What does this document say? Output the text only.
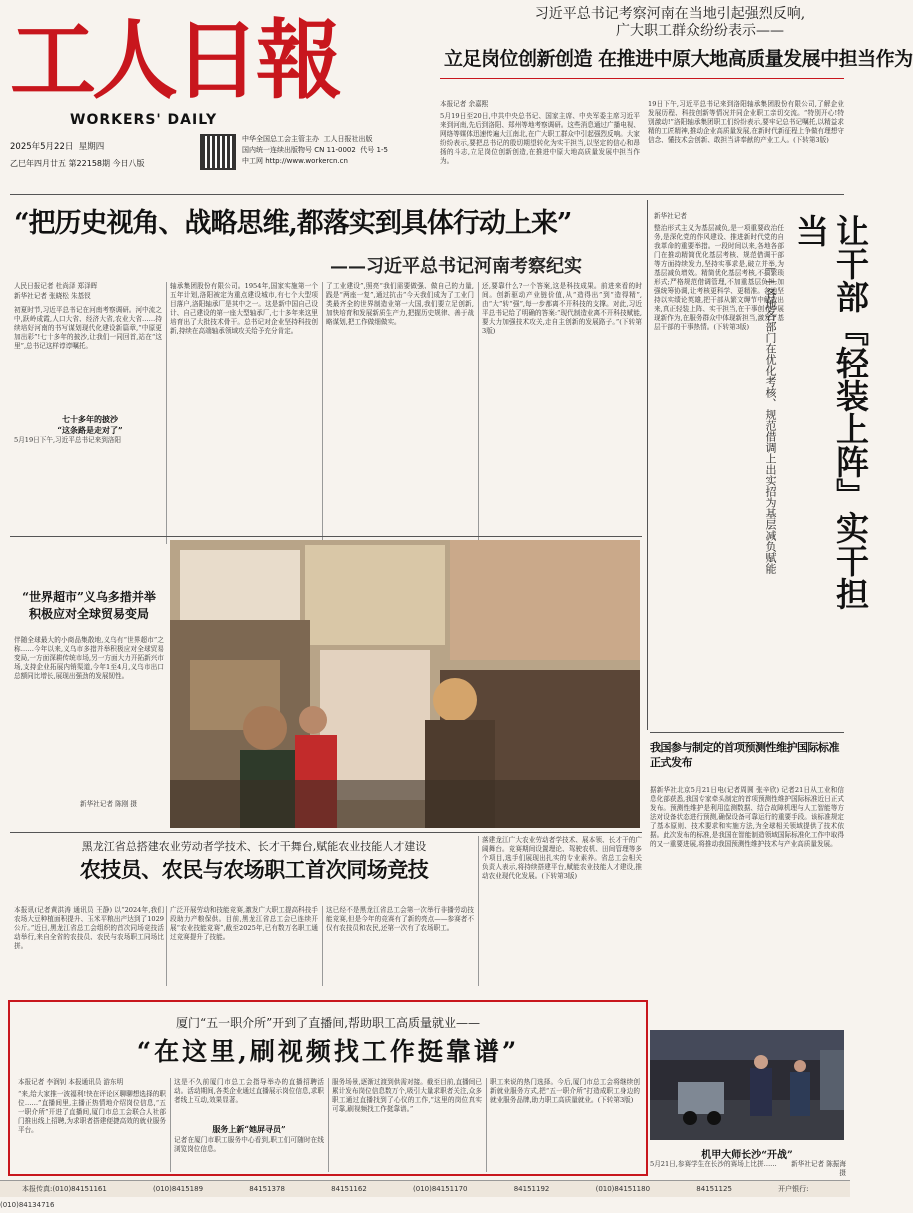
工人日報
WORKERS' DAILY
2025年5月22日 星期四
乙巳年四月廿五 第22158期 今日八版
中华全国总工会主管主办 工人日报社出版
国内统一连续出版物号 CN 11-0002 代号 1-5
中工网 http://www.workercn.cn
习近平总书记考察河南在当地引起强烈反响,
广大职工群众纷纷表示——
立足岗位创新创造 在推进中原大地高质量发展中担当作为
本报记者 余嘉熙
5月19日至20日,中共中央总书记、国家主席、中央军委主席习近平来到河南,先后到洛阳、郑州等地考察调研。这些消息通过广播电视、网络等媒体迅速传遍大江南北,在广大职工群众中引起强烈反响。大家纷纷表示,要把总书记的殷切期望转化为实干担当,以坚定的信心和昂扬的斗志,立足岗位创新创造,在推进中原大地高质量发展中担当作为。
19日下午,习近平总书记来到洛阳轴承集团股份有限公司,了解企业发展历程、科技创新等情况并同企业职工亲切交流。“特别开心!特别激动!”洛阳轴承集团职工们纷纷表示,要牢记总书记嘱托,以精益求精的工匠精神,推动企业高质量发展,在新时代新征程上争做有理想守信念、懂技术会创新、敢担当讲奉献的产业工人。(下转第3版)
“把历史视角、战略思维,都落实到具体行动上来”
——习近平总书记河南考察纪实
人民日报记者 杜尚泽 郑泽晖
新华社记者 张晓松 朱基钗
初夏时节,习近平总书记在河南考察调研。河中流之中,跃岭成霞,人口大省、经济大省,农业大省……持续培好河南的书写谋划现代化建设新篇章,“中原更加出彩”!七十多年的披沙,让我们一同回首,站在“这里”,总书记这样谆谆嘱托。
七十多年的披沙
“这条路是走对了”
5月19日下午,习近平总书记来到洛阳
轴承集团股份有限公司。1954年,国家实施第一个五年计划,洛阳被定为重点建设城市,有七个大型项目落户,洛阳轴承厂是其中之一。这是新中国自己设计、自己建设的第一座大型轴承厂,七十多年来这里培育出了大批技术骨干。总书记对企业坚持科技创新,持续在高端轴承领域攻关给予充分肯定。
了工业建设”,照亮“我们需要做强、做自己的力量,践是“两座一复”,通过抗击“今天我们成为了工业门类最齐全的世界制造业第一大国,我们要立足创新,加快培育和发展新质生产力,把握历史规律、善于战略谋划,把工作做细做实。
还,要靠什么?一个答案,这是科技成果。前进来看的时间。创新驱动产业链价值,从“造得出”到“造得精”,由“大”转“强”,每一步都离不开科技的支撑。对此,习近平总书记给了明确的答案:“现代制造业离不开科技赋能,要大力加强技术攻关,走自主创新的发展路子。”(下转第3版)
新华社记者
整治形式主义为基层减负,是一项重要政治任务,是深化党的作风建设、推进新时代党的自我革命的重要举措。一段时间以来,各地各部门在推动精简优化基层考核、规范借调干部等方面持续发力,坚持实事求是,破立并举,为基层减负增效。精简优化基层考核,不搞繁琐形式;严格规范借调管理,不加重基层负担;加强统筹协调,让考核更科学、更精准。各地坚持以实绩论英雄,把干部从繁文缛节中解放出来,真正轻装上阵、实干担当,在干事创业中展现新作为,在服务群众中体现新担当,激发了基层干部的干事热情。(下转第3版)	让干部『轻装上阵』实干担当
——各地各部门在优化考核、规范借调上出实招为基层减负赋能
“世界超市”义乌多措并举
积极应对全球贸易变局
伴随全球最大的小商品集散地,义乌有“世界超市”之称……今年以来,义乌市多措并举积极应对全球贸易变局,一方面深耕传统市场,另一方面大力开拓新兴市场,支持企业拓展内销渠道,今年1至4月,义乌市出口总额同比增长,展现出强劲的发展韧性。
新华社记者 陈刚 摄
黑龙江省总搭建农业劳动者学技术、长才干舞台,赋能农业技能人才建设
农技员、农民与农场职工首次同场竞技
本报讯(记者黄洪涛 通讯员 王静) 以“2024年,我们农场大豆种植面积提升、玉米平粮出产达到了1029公斤。”近日,黑龙江省总工会组织的首次同场竞技活动举行,来自全省的农技员、农民与农场职工同场比拼。
广泛开展劳动和技能竞赛,激发广大职工提高科技手段助力产粮保供。目前,黑龙江省总工会已连续开展“农业技能竞赛”,截至2025年,已有数万名职工通过竞赛提升了技能。
这已经不是黑龙江省总工会第一次举行非播劳动技能竞赛,但是今年的竞赛有了新的亮点——参赛者不仅有农技员和农民,还第一次有了农场职工。
落建龙江广大农业劳动者学技术、展本领、长才干的广阔舞台。竞赛期间设置理论、驾驶农机、田间管理等多个项目,选手们展现出扎实的专业素养。省总工会相关负责人表示,将持续搭建平台,赋能农业技能人才建设,推动农业现代化发展。(下转第3版)
我国参与制定的首项预测性维护国际标准正式发布
据新华社北京5月21日电(记者周圆 张辛欣) 记者21日从工业和信息化部获悉,我国专家牵头制定的首项预测性维护国际标准近日正式发布。预测性维护是利用监测数据、结合故障机理与人工智能等方法对设备状态进行预测,确保设备可靠运行的重要手段。该标准规定了基本原则、技术要求和实施方法,为全球相关领域提供了技术依据。此次发布的标准,是我国在智能制造领域国际标准化工作中取得的又一重要进展,将推动我国预测性维护技术与产业高质量发展。
厦门“五一职介所”开到了直播间,帮助职工高质量就业——
“在这里,刷视频找工作挺靠谱”
本报记者 李润钊 本报通讯员 游东明
“来,给大家推一波福利!快在评论区聊聊想选择的职位……”直播间里,主播正热情地介绍岗位信息,“五一职介所”开进了直播间,厦门市总工会联合人社部门推出线上招聘,为求职者搭建便捷高效的就业服务平台。
这是不久前厦门市总工会指导举办的直播招聘活动。活动期间,各类企业通过直播展示岗位信息,求职者线上互动,效果显著。
服务上新“她屏寻员”
记者在厦门市职工服务中心看到,职工们可随时在线浏览岗位信息。
服务场景,逐渐过渡到供需对接。截至目前,直播间已累计发布岗位信息数万个,吸引大量求职者关注,众多职工通过直播找到了心仪的工作,“这里的岗位真实可靠,刷视频找工作挺靠谱。”
职工来说的热门选择。今后,厦门市总工会将继续创新就业服务方式,把“五一职介所”打造成职工身边的就业服务品牌,助力职工高质量就业。(下转第3版)
机甲大师长沙“开战”
5月21日,参赛学生在长沙的赛场上比拼……	新华社记者 陈振海 摄
本报传真:(010)84151161	(010)8415189	84151378	84151162	(010)84151170	84151192	(010)84151180	84151125	开户银行:(010)84134716
